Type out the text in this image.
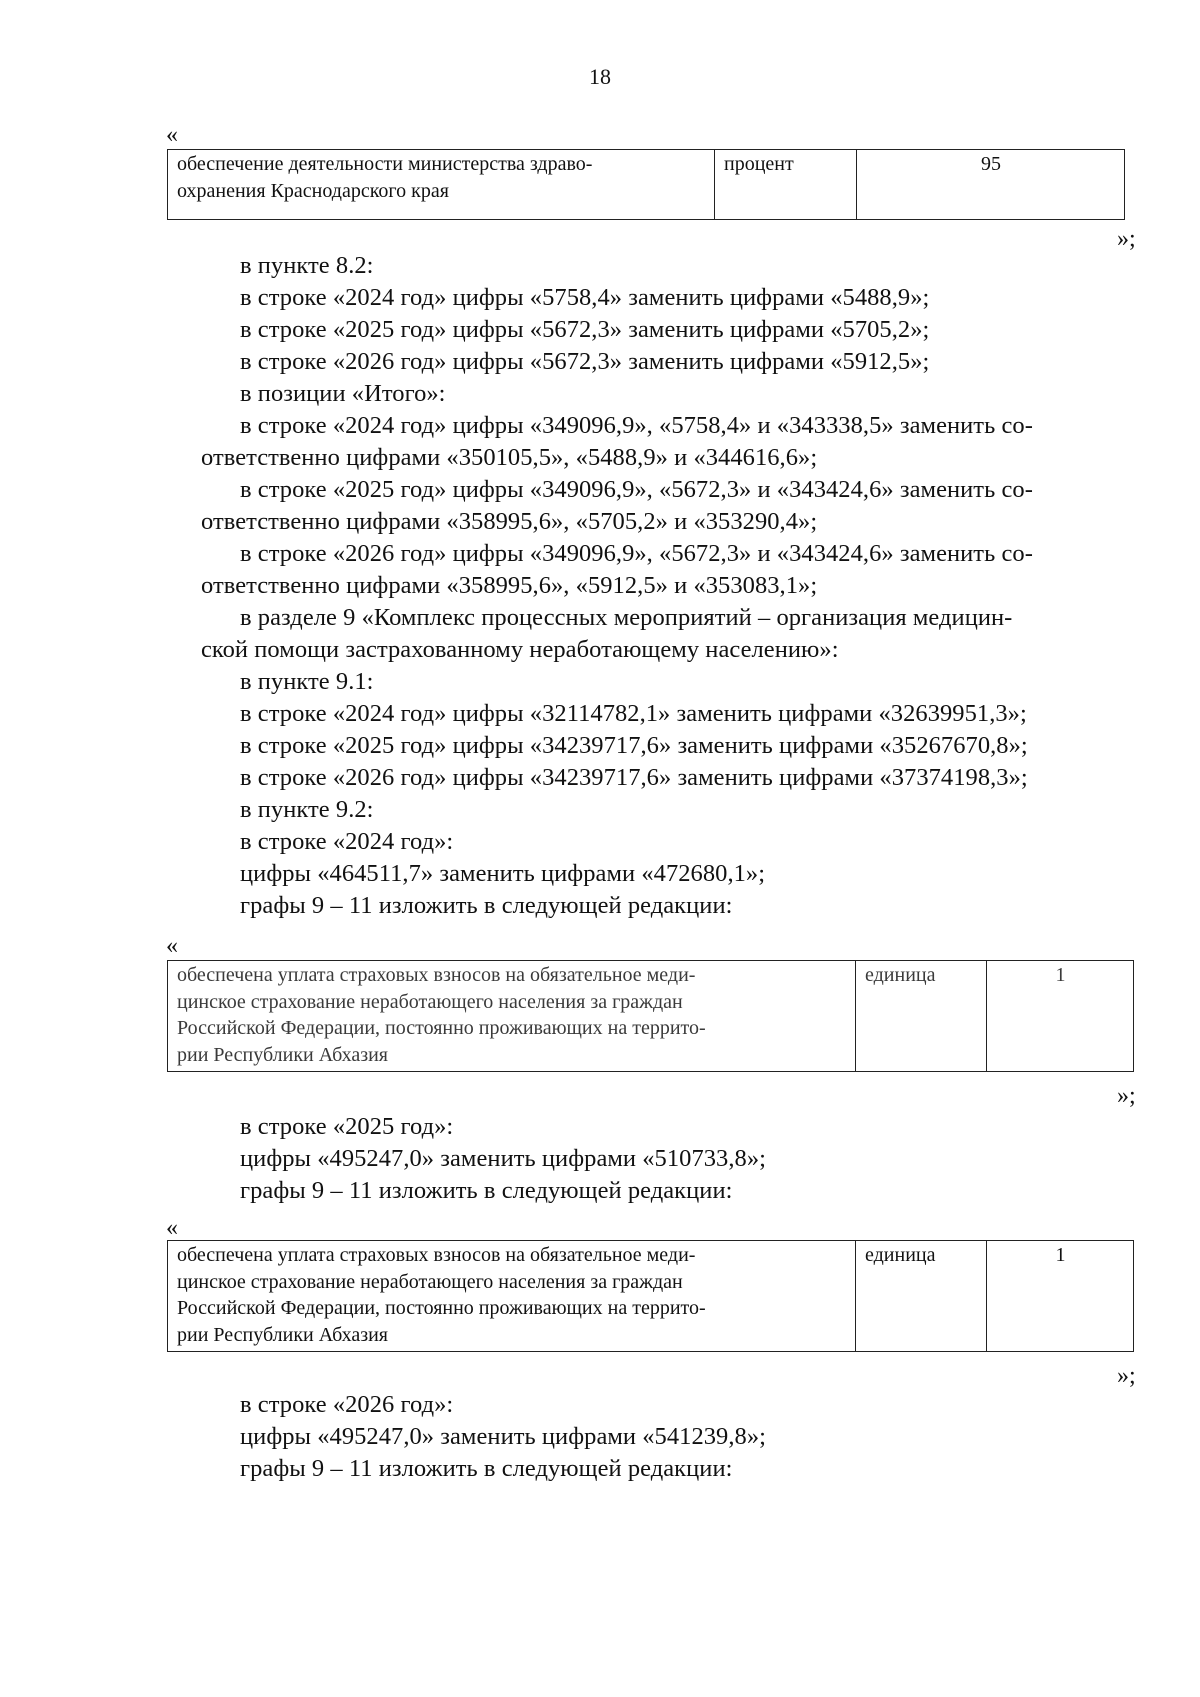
18
«
обеспечение деятельности министерства здраво-
охранения Краснодарского края
	процент	95
»;
в пункте 8.2:
в строке «2024 год» цифры «5758,4» заменить цифрами «5488,9»;
в строке «2025 год» цифры «5672,3» заменить цифрами «5705,2»;
в строке «2026 год» цифры «5672,3» заменить цифрами «5912,5»;
в позиции «Итого»:
в строке «2024 год» цифры «349096,9», «5758,4» и «343338,5» заменить со-
ответственно цифрами «350105,5», «5488,9» и «344616,6»;
в строке «2025 год» цифры «349096,9», «5672,3» и «343424,6» заменить со-
ответственно цифрами «358995,6», «5705,2» и «353290,4»;
в строке «2026 год» цифры «349096,9», «5672,3» и «343424,6» заменить со-
ответственно цифрами «358995,6», «5912,5» и «353083,1»;
в разделе 9 «Комплекс процессных мероприятий – организация медицин-
ской помощи застрахованному неработающему населению»:
в пункте 9.1:
в строке «2024 год» цифры «32114782,1» заменить цифрами «32639951,3»;
в строке «2025 год» цифры «34239717,6» заменить цифрами «35267670,8»;
в строке «2026 год» цифры «34239717,6» заменить цифрами «37374198,3»;
в пункте 9.2:
в строке «2024 год»:
цифры «464511,7» заменить цифрами «472680,1»;
графы 9 – 11 изложить в следующей редакции:
«
обеспечена уплата страховых взносов на обязательное меди-
цинское страхование неработающего населения за граждан
Российской Федерации, постоянно проживающих на террито-
рии Республики Абхазия
	единица	1
»;
в строке «2025 год»:
цифры «495247,0» заменить цифрами «510733,8»;
графы 9 – 11 изложить в следующей редакции:
«
обеспечена уплата страховых взносов на обязательное меди-
цинское страхование неработающего населения за граждан
Российской Федерации, постоянно проживающих на террито-
рии Республики Абхазия
	единица	1
»;
в строке «2026 год»:
цифры «495247,0» заменить цифрами «541239,8»;
графы 9 – 11 изложить в следующей редакции:
